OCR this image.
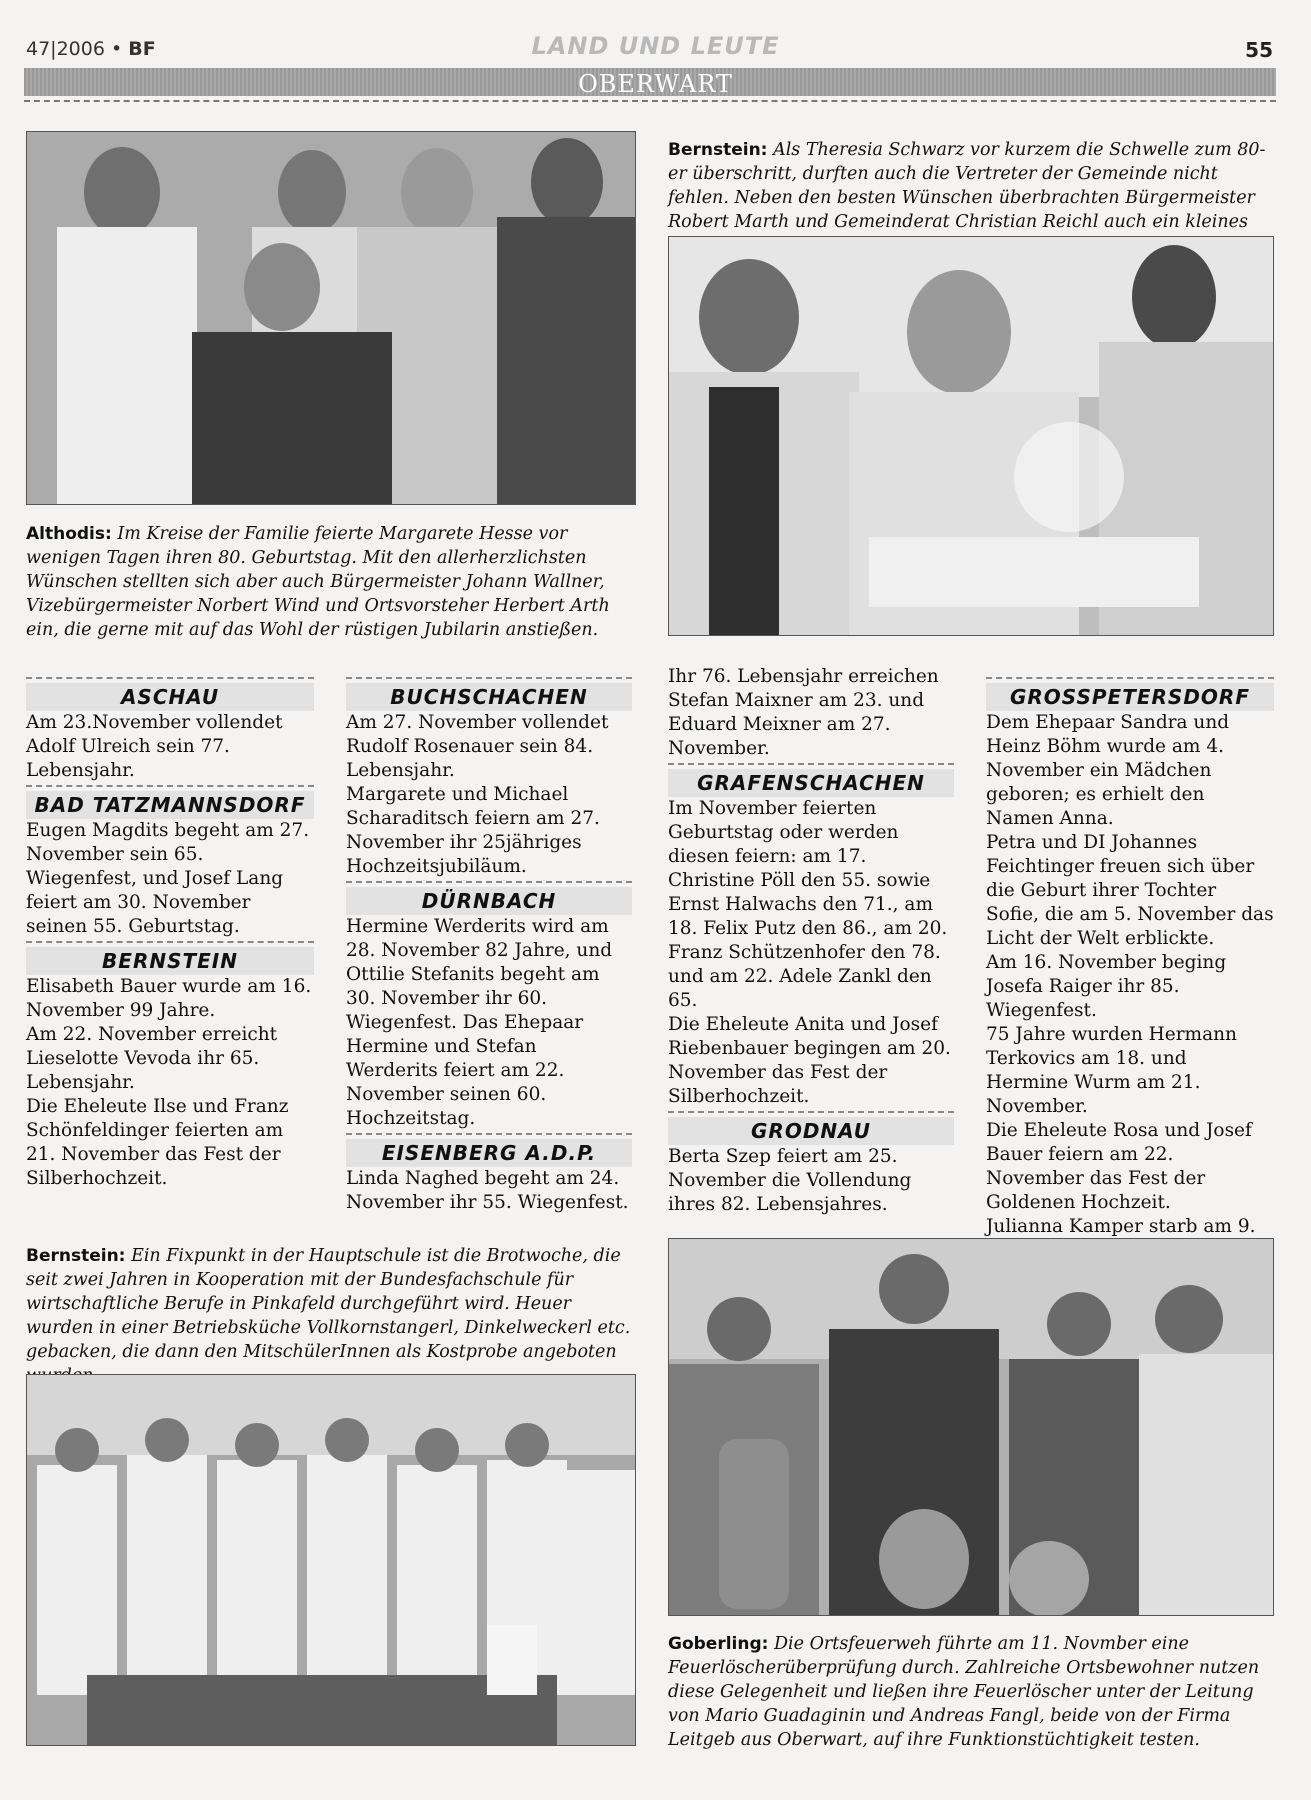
47|2006 • BF	LAND UND LEUTE	55
OBERWART
Althodis: Im Kreise der Familie feierte Margarete Hesse vor wenigen Tagen ihren 80. Geburtstag. Mit den allerherzlichsten Wünschen stellten sich aber auch Bürgermeister Johann Wallner, Vizebürgermeister Norbert Wind und Ortsvorsteher Herbert Arth ein, die gerne mit auf das Wohl der rüstigen Jubilarin anstießen.
Bernstein: Als Theresia Schwarz vor kurzem die Schwelle zum 80-er überschritt, durften auch die Vertreter der Gemeinde nicht fehlen. Neben den besten Wünschen überbrachten Bürgermeister Robert Marth und Gemeinderat Christian Reichl auch ein kleines
ASCHAU

Am 23.November vollendet Adolf Ulreich sein 77. Lebensjahr.

BAD TATZMANNSDORF

Eugen Magdits begeht am 27. November sein 65. Wiegenfest, und Josef Lang feiert am 30. November seinen 55. Geburtstag.

BERNSTEIN

Elisabeth Bauer wurde am 16. November 99 Jahre.

Am 22. November erreicht Lieselotte Vevoda ihr 65. Lebensjahr.

Die Eheleute Ilse und Franz Schönfeldinger feierten am 21. November das Fest der Silberhochzeit.

BUCHSCHACHEN

Am 27. November vollendet Rudolf Rosenauer sein 84. Lebensjahr.

Margarete und Michael Scharaditsch feiern am 27. November ihr 25jähriges Hochzeitsjubiläum.

DÜRNBACH

Hermine Werderits wird am 28. November 82 Jahre, und Ottilie Stefanits begeht am 30. November ihr 60. Wiegenfest. Das Ehepaar Hermine und Stefan Werderits feiert am 22. November seinen 60. Hochzeitstag.

EISENBERG A.D.P.

Linda Naghed begeht am 24. November ihr 55. Wiegenfest.

Ihr 76. Lebensjahr erreichen Stefan Maixner am 23. und Eduard Meixner am 27. November.

GRAFENSCHACHEN

Im November feierten Geburtstag oder werden diesen feiern: am 17. Christine Pöll den 55. sowie Ernst Halwachs den 71., am 18. Felix Putz den 86., am 20. Franz Schützenhofer den 78. und am 22. Adele Zankl den 65.

Die Eheleute Anita und Josef Riebenbauer begingen am 20. November das Fest der Silberhochzeit.

GRODNAU

Berta Szep feiert am 25. November die Vollendung ihres 82. Lebensjahres.

GROSSPETERSDORF

Dem Ehepaar Sandra und Heinz Böhm wurde am 4. November ein Mädchen geboren; es erhielt den Namen Anna.

Petra und DI Johannes Feichtinger freuen sich über die Geburt ihrer Tochter Sofie, die am 5. November das Licht der Welt erblickte.

Am 16. November beging Josefa Raiger ihr 85. Wiegenfest.

75 Jahre wurden Hermann Terkovics am 18. und Hermine Wurm am 21. November.

Die Eheleute Rosa und Josef Bauer feiern am 22. November das Fest der Goldenen Hochzeit.

Julianna Kamper starb am 9.

Bernstein: Ein Fixpunkt in der Hauptschule ist die Brotwoche, die seit zwei Jahren in Kooperation mit der Bundesfachschule für wirtschaftliche Berufe in Pinkafeld durchgeführt wird. Heuer wurden in einer Betriebsküche Vollkornstangerl, Dinkelweckerl etc. gebacken, die dann den MitschülerInnen als Kostprobe angeboten
Goberling: Die Ortsfeuerweh führte am 11. Novmber eine Feuerlöscherüberprüfung durch. Zahlreiche Ortsbewohner nutzen diese Gelegenheit und ließen ihre Feuerlöscher unter der Leitung von Mario Guadaginin und Andreas Fangl, beide von der Firma Leitgeb aus Oberwart, auf ihre Funktionstüchtigkeit testen.
